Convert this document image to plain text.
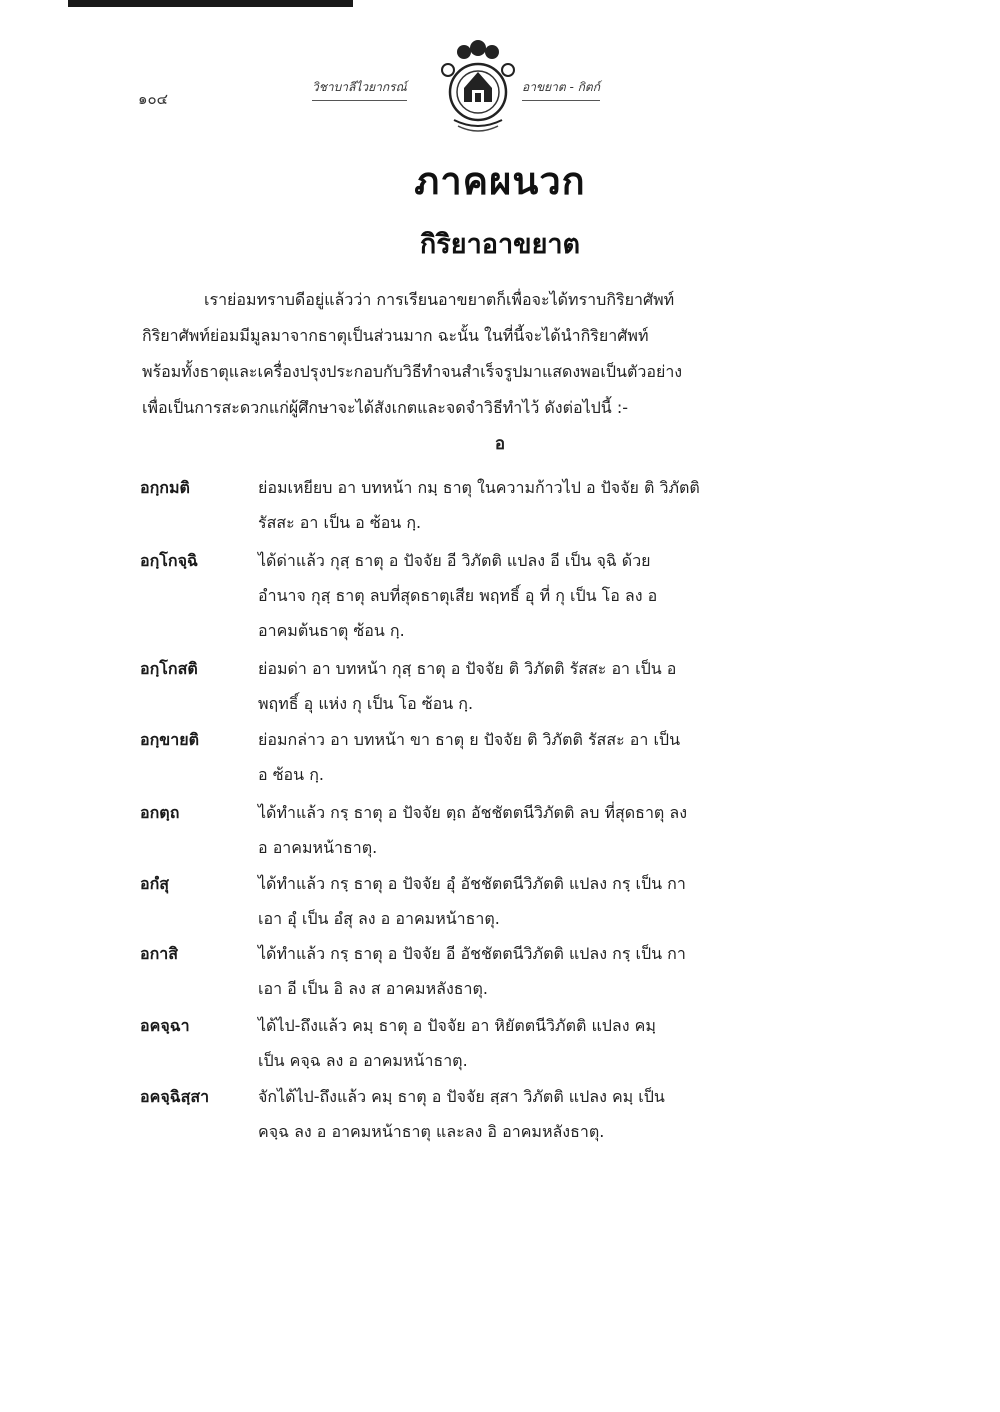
๑๐๔
วิชาบาลีไวยากรณ์	อาขยาต - กิตก์
ภาคผนวก
กิริยาอาขยาต
เราย่อมทราบดีอยู่แล้วว่า การเรียนอาขยาตก็เพื่อจะได้ทราบกิริยาศัพท์
กิริยาศัพท์ย่อมมีมูลมาจากธาตุเป็นส่วนมาก ฉะนั้น ในที่นี้จะได้นำกิริยาศัพท์
พร้อมทั้งธาตุและเครื่องปรุงประกอบกับวิธีทำจนสำเร็จรูปมาแสดงพอเป็นตัวอย่าง
เพื่อเป็นการสะดวกแก่ผู้ศึกษาจะได้สังเกตและจดจำวิธีทำไว้ ดังต่อไปนี้ :-
อ
อกฺกมติ	ย่อมเหยียบ อา บทหน้า กมฺ ธาตุ ในความก้าวไป อ ปัจจัย ติ วิภัตติ
รัสสะ อา เป็น อ ซ้อน กฺ.
อกฺโกจฺฉิ	ได้ด่าแล้ว กุสฺ ธาตุ อ ปัจจัย อี วิภัตติ แปลง อี เป็น จฺฉิ ด้วย
อำนาจ กุสฺ ธาตุ ลบที่สุดธาตุเสีย พฤทธิ์ อุ ที่ กุ เป็น โอ ลง อ
อาคมต้นธาตุ ซ้อน กฺ.
อกฺโกสติ	ย่อมด่า อา บทหน้า กุสฺ ธาตุ อ ปัจจัย ติ วิภัตติ รัสสะ อา เป็น อ
พฤทธิ์ อุ แห่ง กุ เป็น โอ ซ้อน กฺ.
อกฺขายติ	ย่อมกล่าว อา บทหน้า ขา ธาตุ ย ปัจจัย ติ วิภัตติ รัสสะ อา เป็น
อ ซ้อน กฺ.
อกตฺถ	ได้ทำแล้ว กรฺ ธาตุ อ ปัจจัย ตฺถ อัชชัตตนีวิภัตติ ลบ ที่สุดธาตุ ลง
อ อาคมหน้าธาตุ.
อกํสุ	ได้ทำแล้ว กรฺ ธาตุ อ ปัจจัย อุํ อัชชัตตนีวิภัตติ แปลง กรฺ เป็น กา
เอา อุํ เป็น อํสุ ลง อ อาคมหน้าธาตุ.
อกาสิ	ได้ทำแล้ว กรฺ ธาตุ อ ปัจจัย อี อัชชัตตนีวิภัตติ แปลง กรฺ เป็น กา
เอา อี เป็น อิ ลง ส อาคมหลังธาตุ.
อคจฺฉา	ได้ไป-ถึงแล้ว คมฺ ธาตุ อ ปัจจัย อา หิยัตตนีวิภัตติ แปลง คมฺ
เป็น คจฺฉ ลง อ อาคมหน้าธาตุ.
อคจฺฉิสฺสา	จักได้ไป-ถึงแล้ว คมฺ ธาตุ อ ปัจจัย สฺสา วิภัตติ แปลง คมฺ เป็น
คจฺฉ ลง อ อาคมหน้าธาตุ และลง อิ อาคมหลังธาตุ.
